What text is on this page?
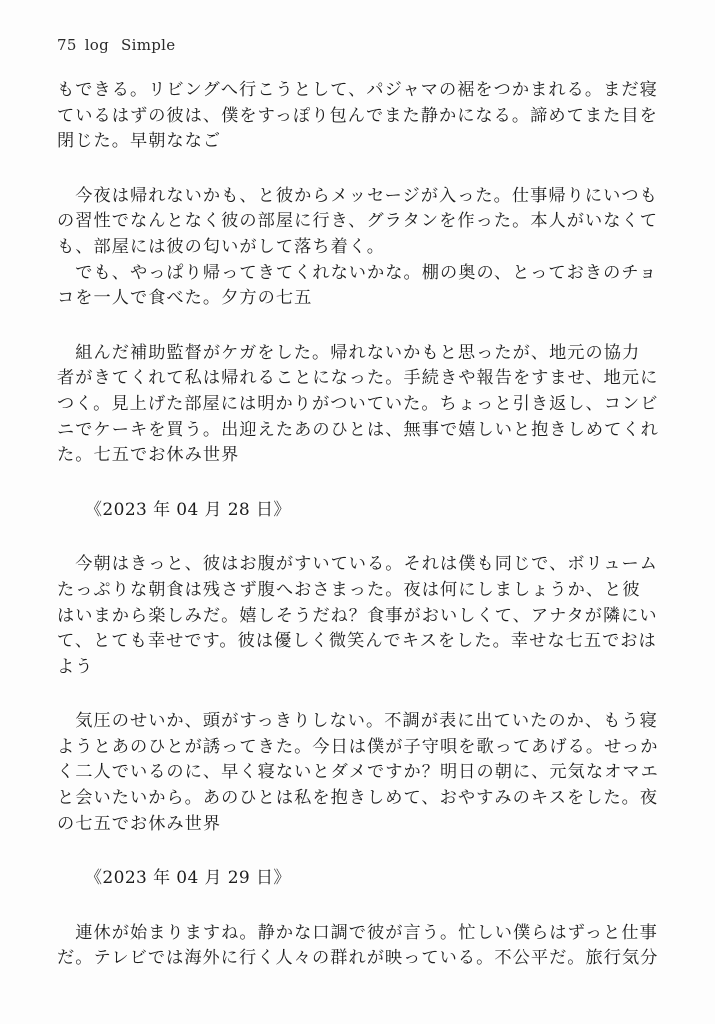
75 log Simple
もできる。リビングへ行こうとして、パジャマの裾をつかまれる。まだ寝
ているはずの彼は、僕をすっぽり包んでまた静かになる。諦めてまた目を
閉じた。早朝ななご
　今夜は帰れないかも、と彼からメッセージが入った。仕事帰りにいつも
の習性でなんとなく彼の部屋に行き、グラタンを作った。本人がいなくて
も、部屋には彼の匂いがして落ち着く。
　でも、やっぱり帰ってきてくれないかな。棚の奥の、とっておきのチョ
コを一人で食べた。夕方の七五
　組んだ補助監督がケガをした。帰れないかもと思ったが、地元の協力
者がきてくれて私は帰れることになった。手続きや報告をすませ、地元に
つく。見上げた部屋には明かりがついていた。ちょっと引き返し、コンビ
ニでケーキを買う。出迎えたあのひとは、無事で嬉しいと抱きしめてくれ
た。七五でお休み世界
《2023 年 04 月 28 日》
　今朝はきっと、彼はお腹がすいている。それは僕も同じで、ボリューム
たっぷりな朝食は残さず腹へおさまった。夜は何にしましょうか、と彼
はいまから楽しみだ。嬉しそうだね？食事がおいしくて、アナタが隣にい
て、とても幸せです。彼は優しく微笑んでキスをした。幸せな七五でおは
よう
　気圧のせいか、頭がすっきりしない。不調が表に出ていたのか、もう寝
ようとあのひとが誘ってきた。今日は僕が子守唄を歌ってあげる。せっか
く二人でいるのに、早く寝ないとダメですか？明日の朝に、元気なオマエ
と会いたいから。あのひとは私を抱きしめて、おやすみのキスをした。夜
の七五でお休み世界
《2023 年 04 月 29 日》
　連休が始まりますね。静かな口調で彼が言う。忙しい僕らはずっと仕事
だ。テレビでは海外に行く人々の群れが映っている。不公平だ。旅行気分
